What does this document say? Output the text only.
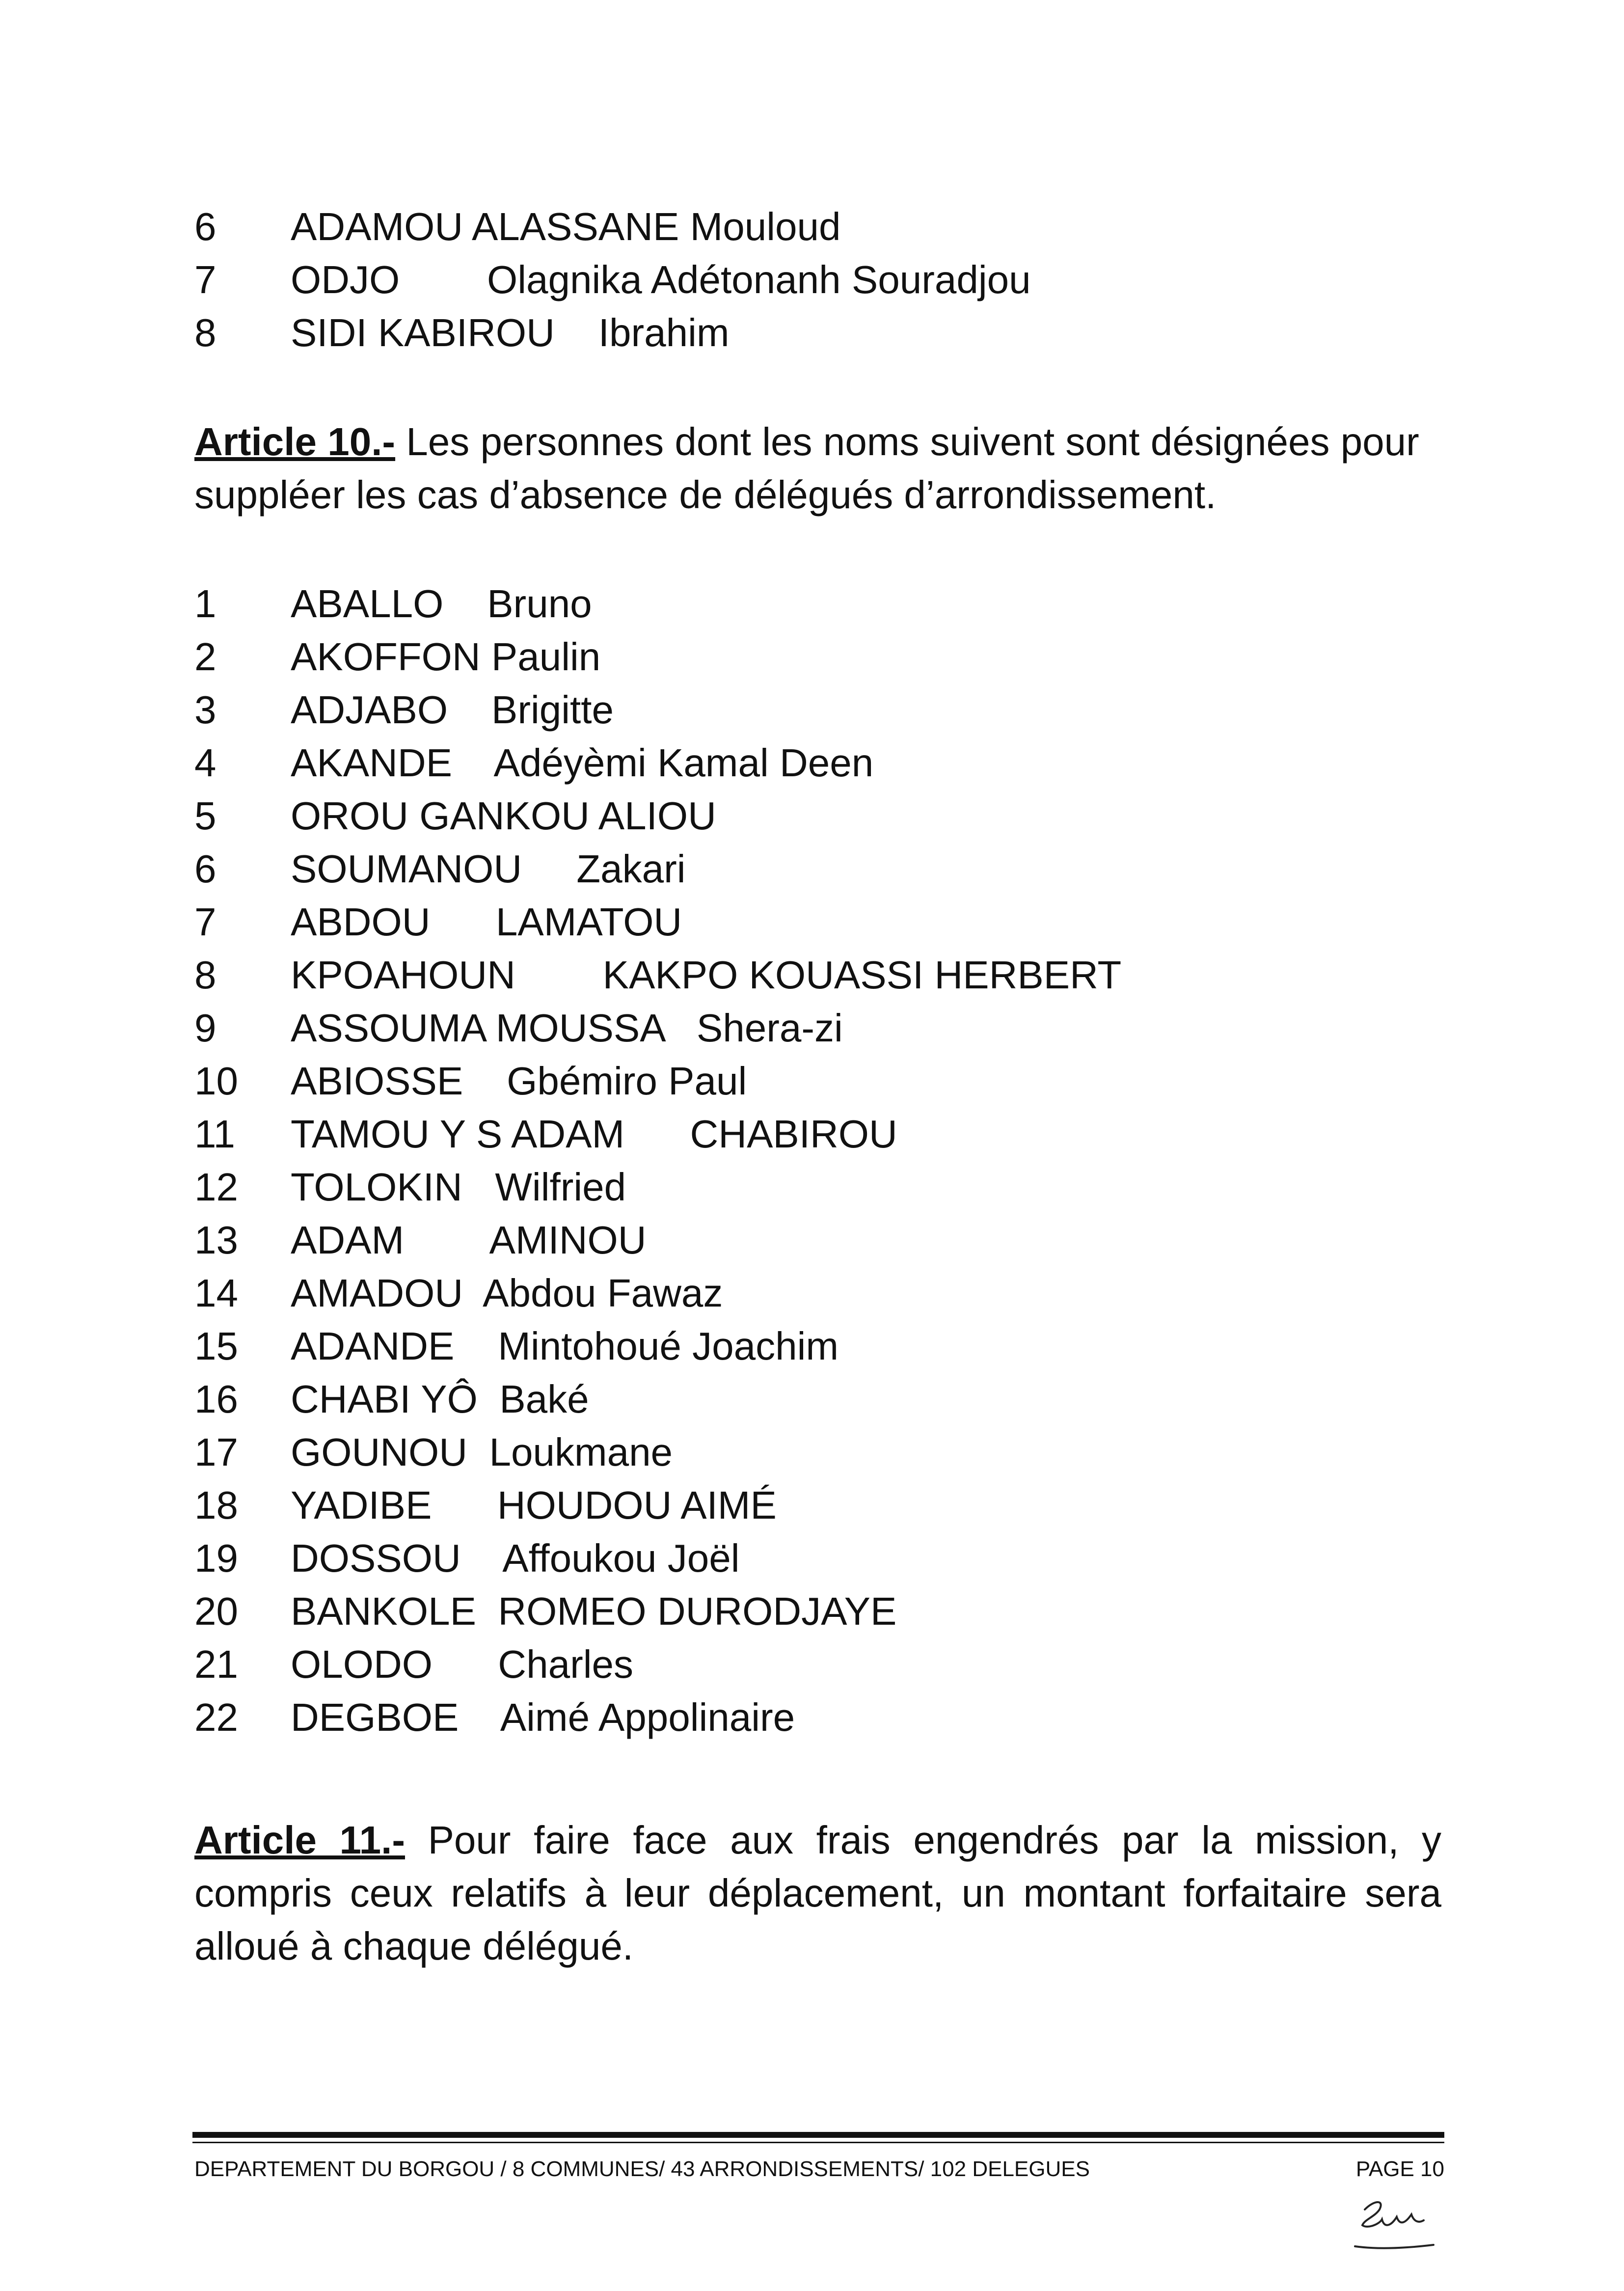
6 ADAMOU ALASSANE Mouloud
7 ODJO        Olagnika Adétonanh Souradjou
8 SIDI KABIROU    Ibrahim
Article 10.- Les personnes dont les noms suivent sont désignées pour suppléer les cas d’absence de délégués d’arrondissement.
1 ABALLO    Bruno
2 AKOFFON Paulin
3 ADJABO    Brigitte
4 AKANDE    Adéyèmi Kamal Deen
5 OROU GANKOU ALIOU
6 SOUMANOU     Zakari
7 ABDOU      LAMATOU
8 KPOAHOUN        KAKPO KOUASSI HERBERT
9 ASSOUMA MOUSSA   Shera-zi
10 ABIOSSE    Gbémiro Paul
11 TAMOU Y S ADAM      CHABIROU
12 TOLOKIN   Wilfried
13 ADAM        AMINOU
14 AMADOU  Abdou Fawaz
15 ADANDE    Mintohoué Joachim
16 CHABI YÔ  Baké
17 GOUNOU  Loukmane
18 YADIBE      HOUDOU AIMÉ
19 DOSSOU    Affoukou Joël
20 BANKOLE  ROMEO DURODJAYE
21 OLODO      Charles
22 DEGBOE    Aimé Appolinaire
Article 11.- Pour faire face aux frais engendrés par la mission, y compris ceux relatifs à leur déplacement, un montant forfaitaire sera alloué à chaque délégué.
DEPARTEMENT DU BORGOU / 8 COMMUNES/ 43 ARRONDISSEMENTS/ 102 DELEGUES	PAGE 10
